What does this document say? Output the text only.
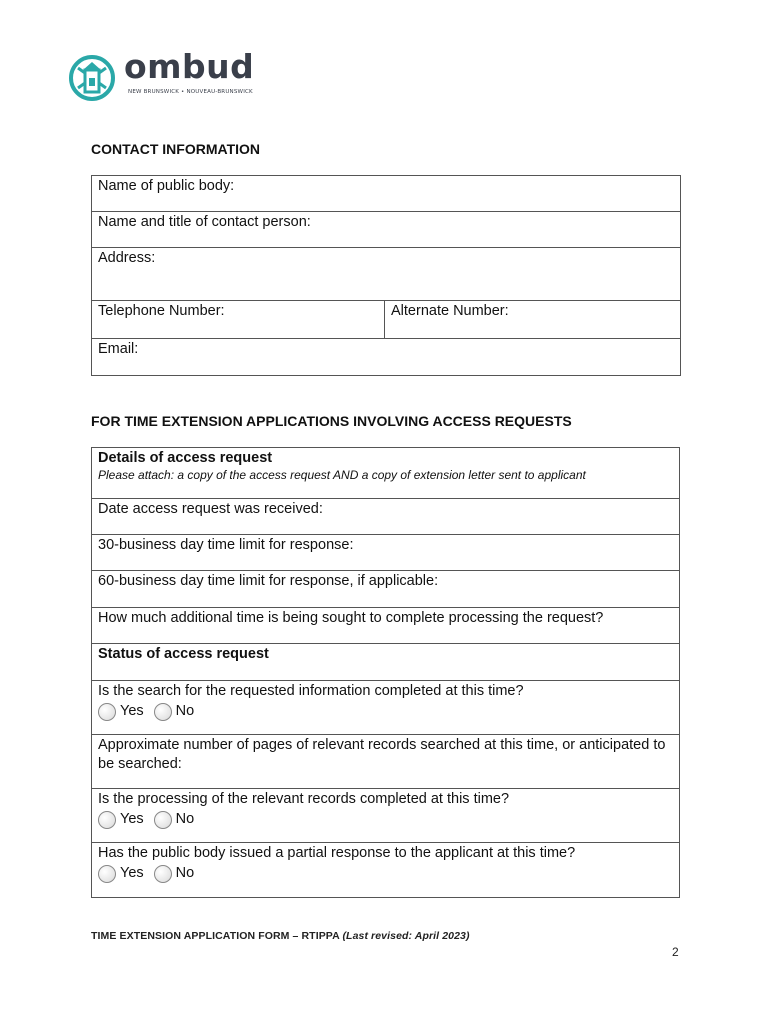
ombud
NEW BRUNSWICK • NOUVEAU-BRUNSWICK
CONTACT INFORMATION
Name of public body:
Name and title of contact person:
Address:
Telephone Number:	Alternate Number:
Email:
FOR TIME EXTENSION APPLICATIONS INVOLVING ACCESS REQUESTS
Details of access request
Please attach: a copy of the access request AND a copy of extension letter sent to applicant

Date access request was received:
30-business day time limit for response:
60-business day time limit for response, if applicable:
How much additional time is being sought to complete processing the request?
Status of access request

Is the search for the requested information completed at this time?
Yes No

Approximate number of pages of relevant records searched at this time, or anticipated to be searched:

Is the processing of the relevant records completed at this time?
Yes No

Has the public body issued a partial response to the applicant at this time?
Yes No
TIME EXTENSION APPLICATION FORM – RTIPPA (Last revised: April 2023)
2
